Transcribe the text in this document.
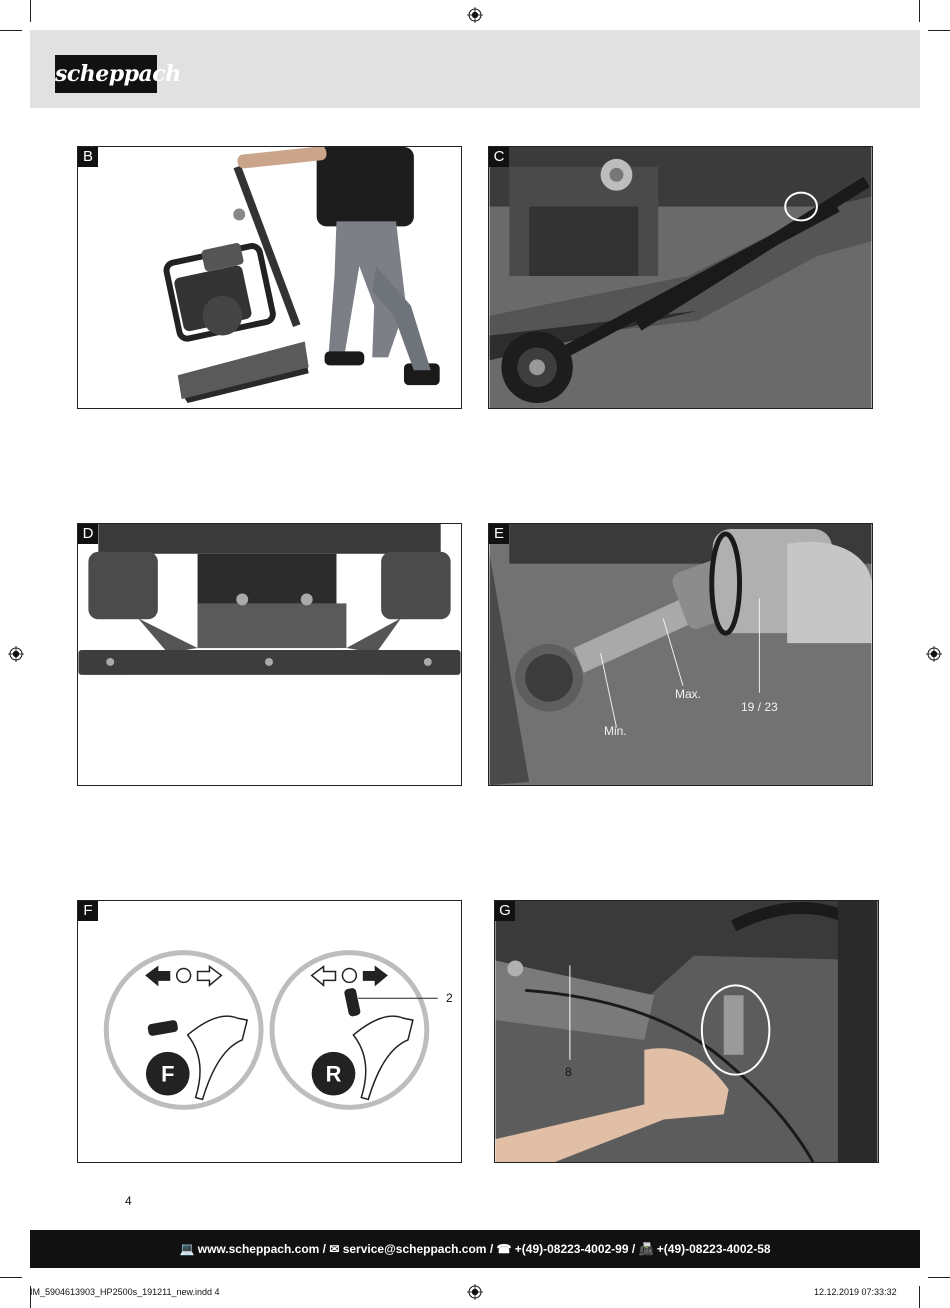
scheppach
B	C
D	E
Min.
Max.
19 / 23
F
F	R
2
G
8
4
💻 www.scheppach.com / ✉ service@scheppach.com / ☎ +(49)-08223-4002-99 / 📠 +(49)-08223-4002-58
IM_5904613903_HP2500s_191211_new.indd 4	12.12.2019 07:33:32
